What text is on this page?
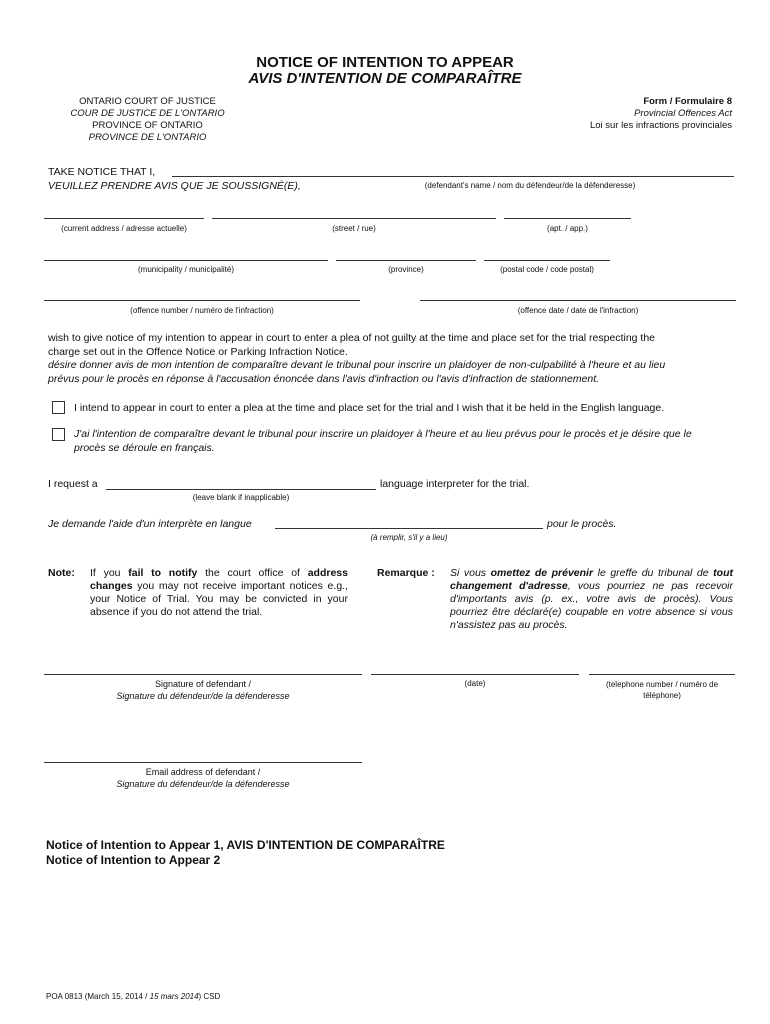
NOTICE OF INTENTION TO APPEAR
AVIS D'INTENTION DE COMPARAÎTRE
ONTARIO COURT OF JUSTICE
COUR DE JUSTICE DE L'ONTARIO
PROVINCE OF ONTARIO
PROVINCE DE L'ONTARIO
Form / Formulaire 8
Provincial Offences Act
Loi sur les infractions provinciales
TAKE NOTICE THAT I,
VEUILLEZ PRENDRE AVIS QUE JE SOUSSIGNÉ(E),	(defendant's name / nom du défendeur/de la défenderesse)
(current address / adresse actuelle)	(street / rue)	(apt. / app.)
(municipality / municipalité)	(province)	(postal code / code postal)
(offence number / numéro de l'infraction)	(offence date / date de l'infraction)
wish to give notice of my intention to appear in court to enter a plea of not guilty at the time and place set for the trial respecting the
charge set out in the Offence Notice or Parking Infraction Notice.
désire donner avis de mon intention de comparaître devant le tribunal pour inscrire un plaidoyer de non-culpabilité à l'heure et au lieu
prévus pour le procès en réponse à l'accusation énoncée dans l'avis d'infraction ou l'avis d'infraction de stationnement.
I intend to appear in court to enter a plea at the time and place set for the trial and I wish that it be held in the English language.
J'ai l'intention de comparaître devant le tribunal pour inscrire un plaidoyer à l'heure et au lieu prévus pour le procès et je désire que le
procès se déroule en français.
I request a	language interpreter for the trial.
(leave blank if inapplicable)
Je demande l'aide d'un interprète en langue	pour le procès.
(à remplir, s'il y a lieu)
Note: If you fail to notify the court office of address changes you may not receive important notices e.g., your Notice of Trial. You may be convicted in your absence if you do not attend the trial.
Remarque : Si vous omettez de prévenir le greffe du tribunal de tout changement d'adresse, vous pourriez ne pas recevoir d'importants avis (p. ex., votre avis de procès). Vous pourriez être déclaré(e) coupable en votre absence si vous n'assistez pas au procès.
Signature of defendant /
Signature du défendeur/de la défenderesse
(date)	(telephone number / numéro de
téléphone)
Email address of defendant /
Signature du défendeur/de la défenderesse
Notice of Intention to Appear 1, AVIS D'INTENTION DE COMPARAÎTRE
Notice of Intention to Appear 2
POA 0813 (March 15, 2014 / 15 mars 2014) CSD
